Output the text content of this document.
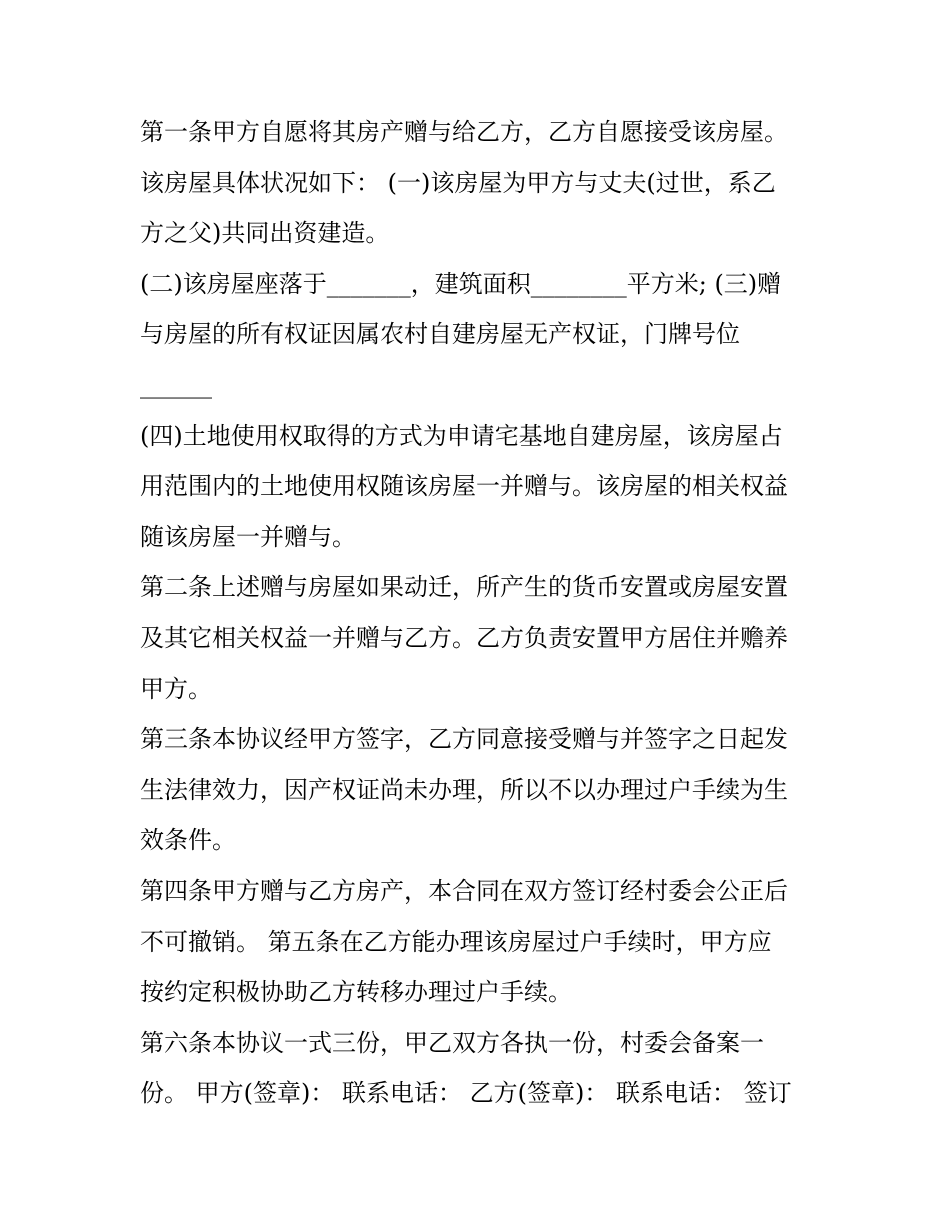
第一条甲方自愿将其房产赠与给乙方，乙方自愿接受该房屋。
该房屋具体状况如下： (一)该房屋为甲方与丈夫(过世，系乙
方之父)共同出资建造。
(二)该房屋座落于_______，建筑面积________平方米; (三)赠
与房屋的所有权证因属农村自建房屋无产权证，门牌号位
______
(四)土地使用权取得的方式为申请宅基地自建房屋，该房屋占
用范围内的土地使用权随该房屋一并赠与。该房屋的相关权益
随该房屋一并赠与。
第二条上述赠与房屋如果动迁，所产生的货币安置或房屋安置
及其它相关权益一并赠与乙方。乙方负责安置甲方居住并赡养
甲方。
第三条本协议经甲方签字，乙方同意接受赠与并签字之日起发
生法律效力，因产权证尚未办理，所以不以办理过户手续为生
效条件。
第四条甲方赠与乙方房产，本合同在双方签订经村委会公正后
不可撤销。 第五条在乙方能办理该房屋过户手续时，甲方应
按约定积极协助乙方转移办理过户手续。
第六条本协议一式三份，甲乙双方各执一份，村委会备案一
份。 甲方(签章)： 联系电话： 乙方(签章)： 联系电话： 签订
